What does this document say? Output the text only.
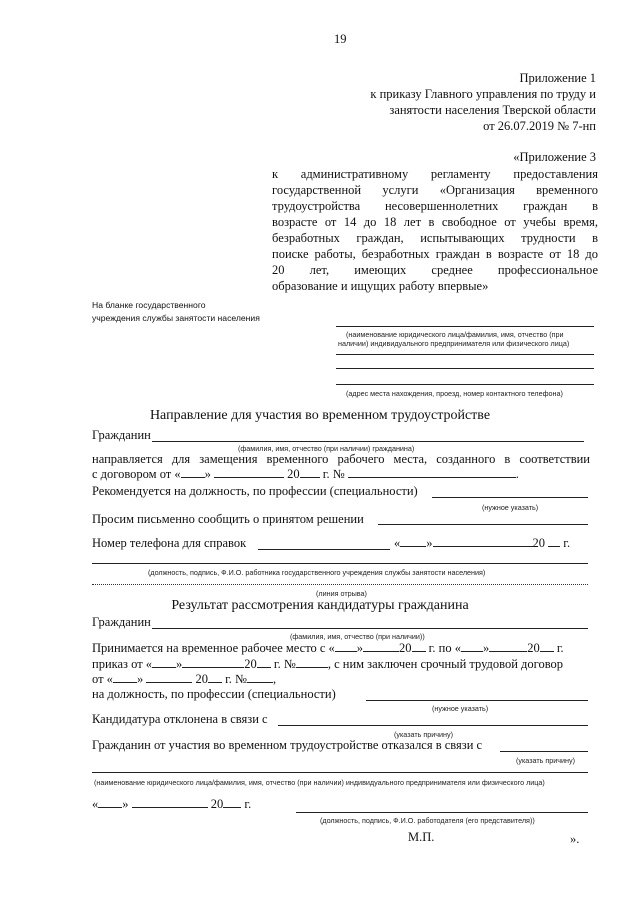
19
Приложение 1
к приказу Главного управления по труду и
занятости населения Тверской области
от 26.07.2019 № 7-нп
«Приложение 3
к административному регламенту предоставления
государственной услуги «Организация временного
трудоустройства несовершеннолетних граждан в
возрасте от 14 до 18 лет в свободное от учебы время,
безработных граждан, испытывающих трудности в
поиске работы, безработных граждан в возрасте от 18 до
20 лет, имеющих среднее профессиональное
образование и ищущих работу впервые»
На бланке государственного
учреждения службы занятости населения
(наименование юридического лица/фамилия, имя, отчество (при
наличии) индивидуального предпринимателя или физического лица)
(адрес места нахождения, проезд, номер контактного телефона)
Направление для участия во временном трудоустройстве
Гражданин
(фамилия, имя, отчество (при наличии) гражданина)
направляется для замещения временного рабочего места, созданного в соответствии
с договором от « »	20 г. №	.
Рекомендуется на должность, по профессии (специальности)
(нужное указать)
Просим письменно сообщить о принятом решении
Номер телефона для справок	« »	20 г.
(должность, подпись, Ф.И.О. работника государственного учреждения службы занятости населения)
(линия отрыва)
Результат рассмотрения кандидатуры гражданина
Гражданин
(фамилия, имя, отчество (при наличии))
Принимается на временное рабочее место с « »	20 г. по « »	20 г.
приказ от « »	20 г. №	, с ним заключен срочный трудовой договор
от « »	20 г. № ,
на должность, по профессии (специальности)
(нужное указать)
Кандидатура отклонена в связи с
(указать причину)
Гражданин от участия во временном трудоустройстве отказался в связи с
(указать причину)
(наименование юридического лица/фамилия, имя, отчество (при наличии) индивидуального предпринимателя или физического лица)
« »	20 г.
(должность, подпись, Ф.И.О. работодателя (его представителя))
М.П.	».
